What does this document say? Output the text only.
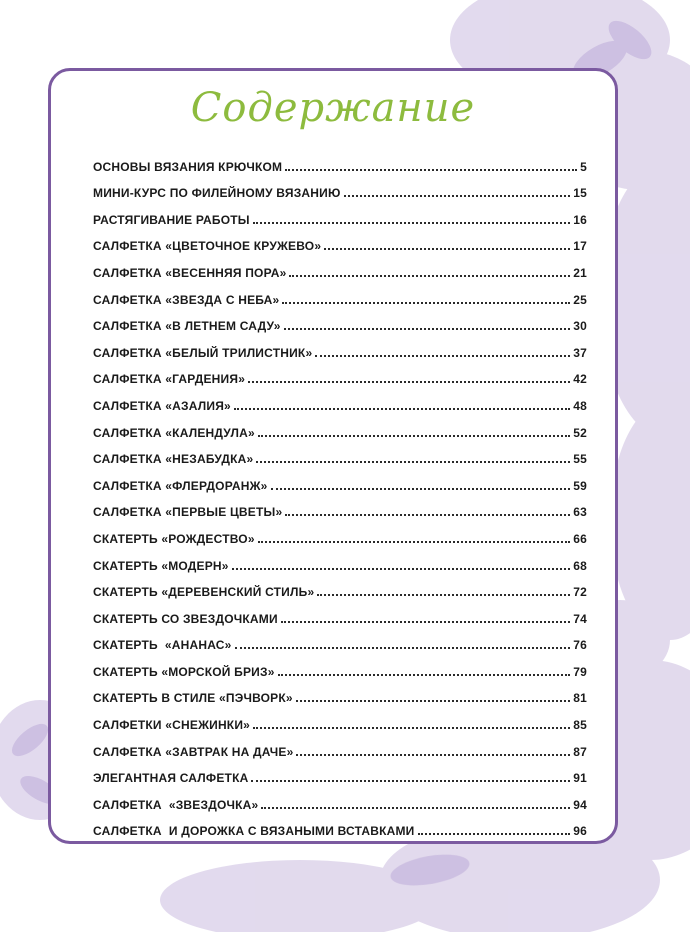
Содержание
ОСНОВЫ ВЯЗАНИЯ КРЮЧКОМ	5
МИНИ-КУРС ПО ФИЛЕЙНОМУ ВЯЗАНИЮ	15
РАСТЯГИВАНИЕ РАБОТЫ	16
САЛФЕТКА «ЦВЕТОЧНОЕ КРУЖЕВО»	17
САЛФЕТКА «ВЕСЕННЯЯ ПОРА»	21
САЛФЕТКА «ЗВЕЗДА С НЕБА»	25
САЛФЕТКА «В ЛЕТНЕМ САДУ»	30
САЛФЕТКА «БЕЛЫЙ ТРИЛИСТНИК»	37
САЛФЕТКА «ГАРДЕНИЯ»	42
САЛФЕТКА «АЗАЛИЯ»	48
САЛФЕТКА «КАЛЕНДУЛА»	52
САЛФЕТКА «НЕЗАБУДКА»	55
САЛФЕТКА «ФЛЕРДОРАНЖ»	59
САЛФЕТКА «ПЕРВЫЕ ЦВЕТЫ»	63
СКАТЕРТЬ «РОЖДЕСТВО»	66
СКАТЕРТЬ «МОДЕРН»	68
СКАТЕРТЬ «ДЕРЕВЕНСКИЙ СТИЛЬ»	72
СКАТЕРТЬ СО ЗВЕЗДОЧКАМИ	74
СКАТЕРТЬ  «АНАНАС»	76
СКАТЕРТЬ «МОРСКОЙ БРИЗ»	79
СКАТЕРТЬ В СТИЛЕ «ПЭЧВОРК»	81
САЛФЕТКИ «СНЕЖИНКИ»	85
САЛФЕТКА «ЗАВТРАК НА ДАЧЕ»	87
ЭЛЕГАНТНАЯ САЛФЕТКА	91
САЛФЕТКА  «ЗВЕЗДОЧКА»	94
САЛФЕТКА  И ДОРОЖКА С ВЯЗАНЫМИ ВСТАВКАМИ	96
